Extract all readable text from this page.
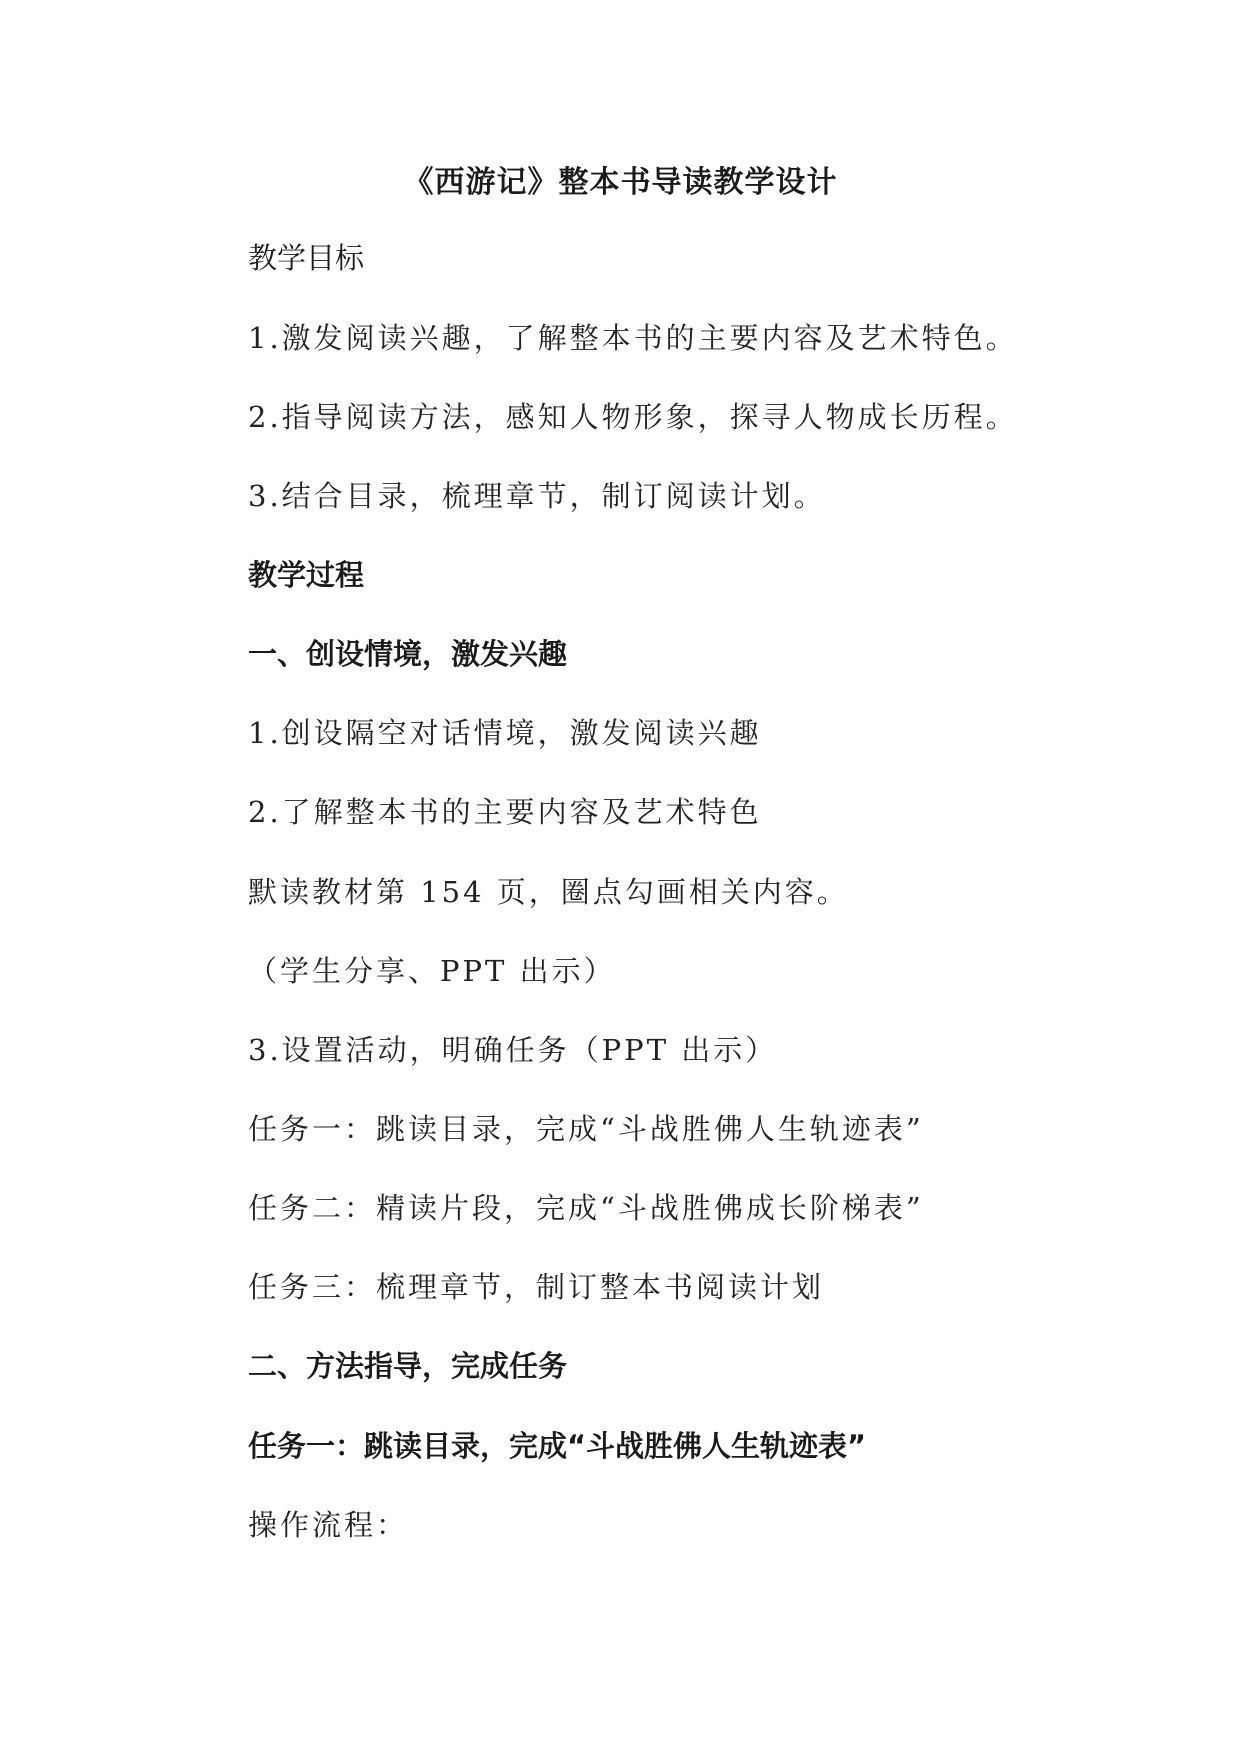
《西游记》整本书导读教学设计

教学目标

1.激发阅读兴趣，了解整本书的主要内容及艺术特色。

2.指导阅读方法，感知人物形象，探寻人物成长历程。

3.结合目录，梳理章节，制订阅读计划。

教学过程

一、创设情境，激发兴趣

1.创设隔空对话情境，激发阅读兴趣

2.了解整本书的主要内容及艺术特色

默读教材第 154 页，圈点勾画相关内容。

（学生分享、PPT 出示）

3.设置活动，明确任务（PPT 出示）

任务一：跳读目录，完成“斗战胜佛人生轨迹表”

任务二：精读片段，完成“斗战胜佛成长阶梯表”

任务三：梳理章节，制订整本书阅读计划

二、方法指导，完成任务

任务一：跳读目录，完成“斗战胜佛人生轨迹表”

操作流程：
